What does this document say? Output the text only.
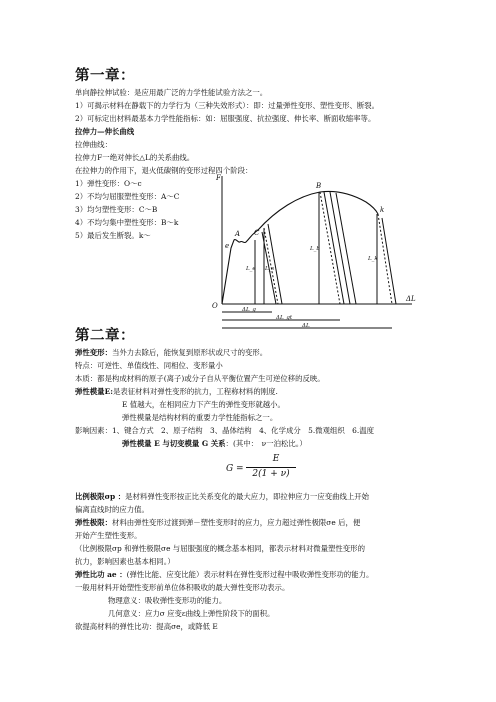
第一章：
单向静拉伸试验：是应用最广泛的力学性能试验方法之一。
1）可揭示材料在静载下的力学行为（三种失效形式）：即：过量弹性变形、塑性变形、断裂。
2）可标定出材料最基本力学性能指标：如：屈服强度、抗拉强度、伸长率、断面收缩率等。
拉伸力—伸长曲线
拉伸曲线：
拉伸力F一绝对伸长△L的关系曲线。
在拉伸力的作用下，退火低碳钢的变形过程四个阶段：
1）弹性变形：O～c
2）不均匀屈服塑性变形：A～C
3）均匀塑性变形：C～B
4）不均匀集中塑性变形：B～k
5）最后发生断裂。k～
F
O
e
A C
B
k
ΔL
L_e L_s
L_b
L_k
ΔL_g
ΔL_gt
ΔL
第二章：
弹性变形：当外力去除后，能恢复到原形状或尺寸的变形。
特点：可逆性、单值线性、同相位、变形量小
本质：都是构成材料的原子(离子)或分子自从平衡位置产生可逆位移的反映。
弹性模量E:是表征材料对弹性变形的抗力，工程称材料的刚度.
E 值越大，在相同应力下产生的弹性变形就越小。
弹性模量是结构材料的重要力学性能指标之一。
影响因素：1、键合方式　2、原子结构　3、晶体结构　4、化学成分　5.微观组织　6.温度
弹性模量 E 与切变模量 G 关系：(其中：　ν一泊松比。）
G =
E
2(1 + ν)
比例极限σp ：是材料弹性变形按正比关系变化的最大应力，即拉伸应力一应变曲线上开始
偏离直线时的应力值。
弹性极限：材料由弹性变形过渡到弹－塑性变形时的应力，应力超过弹性极限σe 后，便
开始产生塑性变形。
（比例极限σp 和弹性极限σe 与屈服强度的概念基本相同，都表示材料对微量塑性变形的
抗力，影响因素也基本相同。）
弹性比功 ae ：(弹性比能、应变比能）表示材料在弹性变形过程中吸收弹性变形功的能力。
一般用材料开始塑性变形前单位体积吸收的最大弹性变形功表示。
物理意义：吸收弹性变形功的能力。
几何意义：应力σ 应变ε曲线上弹性阶段下的面积。
欲提高材料的弹性比功：提高σe，或降低 E
